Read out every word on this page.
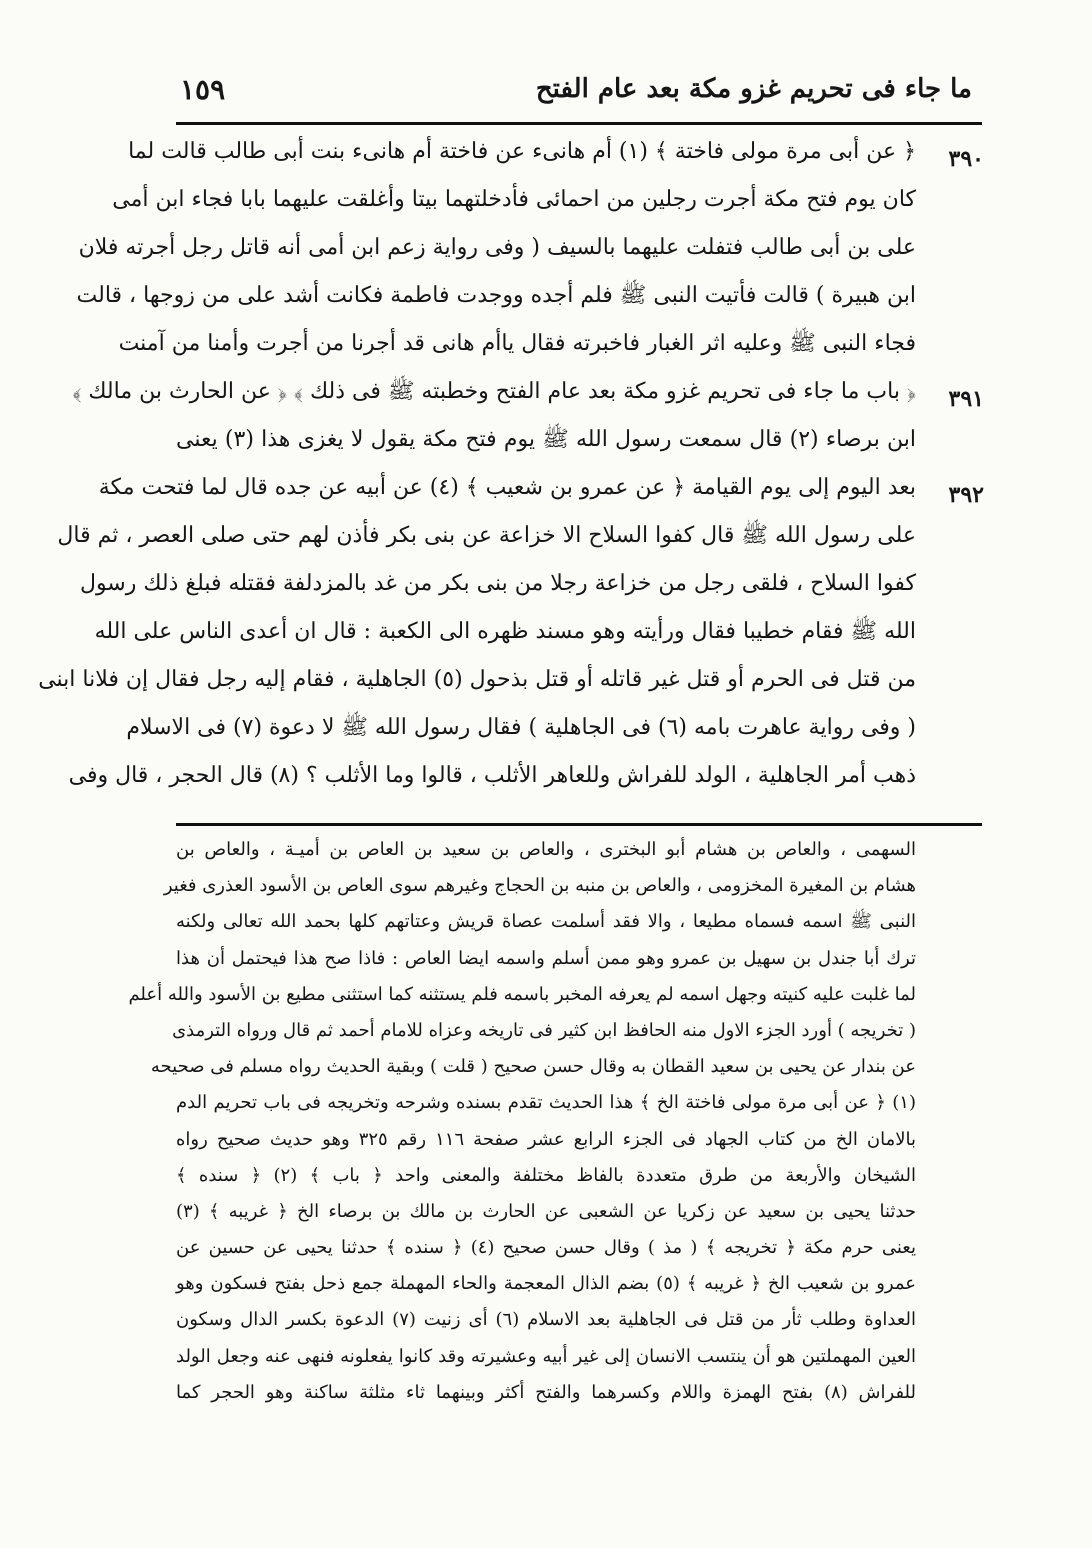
ما جاء فى تحريم غزو مكة بعد عام الفتح
١٥٩
٣٩٠
٣٩١
٣٩٢
﴿ عن أبى مرة مولى فاختة ﴾ (١) أم هانىء عن فاختة أم هانىء بنت أبى طالب قالت لما
كان يوم فتح مكة أجرت رجلين من احمائى فأدخلتهما بيتا وأغلقت عليهما بابا فجاء ابن أمى
على بن أبى طالب فتفلت عليهما بالسيف ( وفى رواية زعم ابن أمى أنه قاتل رجل أجرته فلان
ابن هبيرة ) قالت فأتيت النبى ﷺ فلم أجده ووجدت فاطمة فكانت أشد على من زوجها ، قالت
فجاء النبى ﷺ وعليه اثر الغبار فاخبرته فقال ياأم هانى قد أجرنا من أجرت وأمنا من آمنت
﴿ باب ما جاء فى تحريم غزو مكة بعد عام الفتح وخطبته ﷺ فى ذلك ﴾ ﴿ عن الحارث بن مالك ﴾
ابن برصاء (٢) قال سمعت رسول الله ﷺ يوم فتح مكة يقول لا يغزى هذا (٣) يعنى
بعد اليوم إلى يوم القيامة ﴿ عن عمرو بن شعيب ﴾ (٤) عن أبيه عن جده قال لما فتحت مكة
على رسول الله ﷺ قال كفوا السلاح الا خزاعة عن بنى بكر فأذن لهم حتى صلى العصر ، ثم قال
كفوا السلاح ، فلقى رجل من خزاعة رجلا من بنى بكر من غد بالمزدلفة فقتله فبلغ ذلك رسول
الله ﷺ فقام خطيبا فقال ورأيته وهو مسند ظهره الى الكعبة : قال ان أعدى الناس على الله
من قتل فى الحرم أو قتل غير قاتله أو قتل بذحول (٥) الجاهلية ، فقام إليه رجل فقال إن فلانا ابنى
( وفى رواية عاهرت بامه (٦) فى الجاهلية ) فقال رسول الله ﷺ لا دعوة (٧) فى الاسلام
ذهب أمر الجاهلية ، الولد للفراش وللعاهر الأثلب ، قالوا وما الأثلب ؟ (٨) قال الحجر ، قال وفى
السهمى ، والعاص بن هشام أبو البخترى ، والعاص بن سعيد بن العاص بن أميـة ، والعاص بن
هشام بن المغيرة المخزومى ، والعاص بن منبه بن الحجاج وغيرهم سوى العاص بن الأسود العذرى فغير
النبى ﷺ اسمه فسماه مطيعا ، والا فقد أسلمت عصاة قريش وعتاتهم كلها بحمد الله تعالى ولكنه
ترك أبا جندل بن سهيل بن عمرو وهو ممن أسلم واسمه ايضا العاص : فاذا صح هذا فيحتمل أن هذا
لما غلبت عليه كنيته وجهل اسمه لم يعرفه المخبر باسمه فلم يستثنه كما استثنى مطيع بن الأسود والله أعلم
( تخريجه ) أورد الجزء الاول منه الحافظ ابن كثير فى تاريخه وعزاه للامام أحمد ثم قال ورواه الترمذى
عن بندار عن يحيى بن سعيد القطان به وقال حسن صحيح ( قلت ) وبقية الحديث رواه مسلم فى صحيحه
(١) ﴿ عن أبى مرة مولى فاختة الخ ﴾ هذا الحديث تقدم بسنده وشرحه وتخريجه فى باب تحريم الدم
بالامان الخ من كتاب الجهاد فى الجزء الرابع عشر صفحة ١١٦ رقم ٣٢٥ وهو حديث صحيح رواه
الشيخان والأربعة من طرق متعددة بالفاظ مختلفة والمعنى واحد ﴿ باب ﴾ (٢) ﴿ سنده ﴾
حدثنا يحيى بن سعيد عن زكريا عن الشعبى عن الحارث بن مالك بن برصاء الخ ﴿ غريبه ﴾ (٣)
يعنى حرم مكة ﴿ تخريجه ﴾ ( مذ ) وقال حسن صحيح (٤) ﴿ سنده ﴾ حدثنا يحيى عن حسين عن
عمرو بن شعيب الخ ﴿ غريبه ﴾ (٥) بضم الذال المعجمة والحاء المهملة جمع ذحل بفتح فسكون وهو
العداوة وطلب ثأر من قتل فى الجاهلية بعد الاسلام (٦) أى زنيت (٧) الدعوة بكسر الدال وسكون
العين المهملتين هو أن ينتسب الانسان إلى غير أبيه وعشيرته وقد كانوا يفعلونه فنهى عنه وجعل الولد
للفراش (٨) بفتح الهمزة واللام وكسرهما والفتح أكثر وبينهما ثاء مثلثة ساكنة وهو الحجر كما
